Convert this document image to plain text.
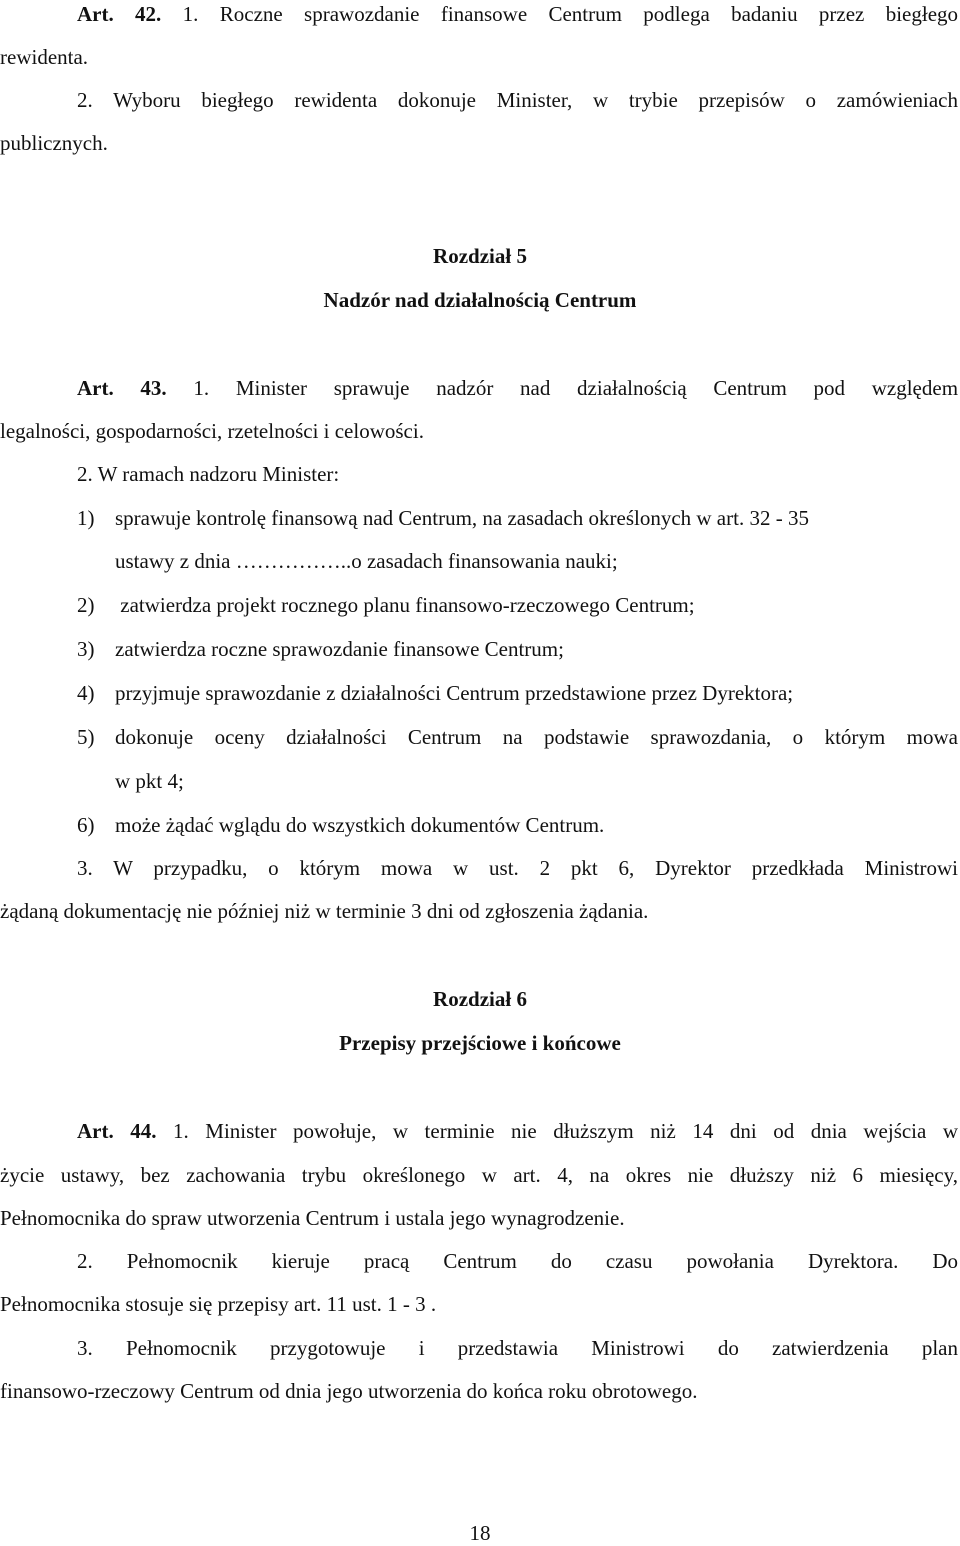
Art. 42. 1. Roczne sprawozdanie finansowe Centrum podlega badaniu przez biegłego
rewidenta.
2. Wyboru biegłego rewidenta dokonuje Minister, w trybie przepisów o zamówieniach
publicznych.
Rozdział 5
Nadzór nad działalnością Centrum
Art. 43. 1. Minister sprawuje nadzór nad działalnością Centrum pod względem
legalności, gospodarności, rzetelności i celowości.
2. W ramach nadzoru Minister:
1) sprawuje kontrolę finansową nad Centrum, na zasadach określonych w art. 32 - 35
ustawy z dnia ……………..o zasadach finansowania nauki;
2) zatwierdza projekt rocznego planu finansowo-rzeczowego Centrum;
3) zatwierdza roczne sprawozdanie finansowe Centrum;
4) przyjmuje sprawozdanie z działalności Centrum przedstawione przez Dyrektora;
5) dokonuje oceny działalności Centrum na podstawie sprawozdania, o którym mowa
w pkt 4;
6) może żądać wglądu do wszystkich dokumentów Centrum.
3. W przypadku, o którym mowa w ust. 2 pkt 6, Dyrektor przedkłada Ministrowi
żądaną dokumentację nie później niż w terminie 3 dni od zgłoszenia żądania.
Rozdział 6
Przepisy przejściowe i końcowe
Art. 44. 1. Minister powołuje, w terminie nie dłuższym niż 14 dni od dnia wejścia w
życie ustawy, bez zachowania trybu określonego w art. 4, na okres nie dłuższy niż 6 miesięcy,
Pełnomocnika do spraw utworzenia Centrum i ustala jego wynagrodzenie.
2. Pełnomocnik kieruje pracą Centrum do czasu powołania Dyrektora. Do
Pełnomocnika stosuje się przepisy art. 11 ust. 1 - 3 .
3. Pełnomocnik przygotowuje i przedstawia Ministrowi do zatwierdzenia plan
finansowo-rzeczowy Centrum od dnia jego utworzenia do końca roku obrotowego.
18
